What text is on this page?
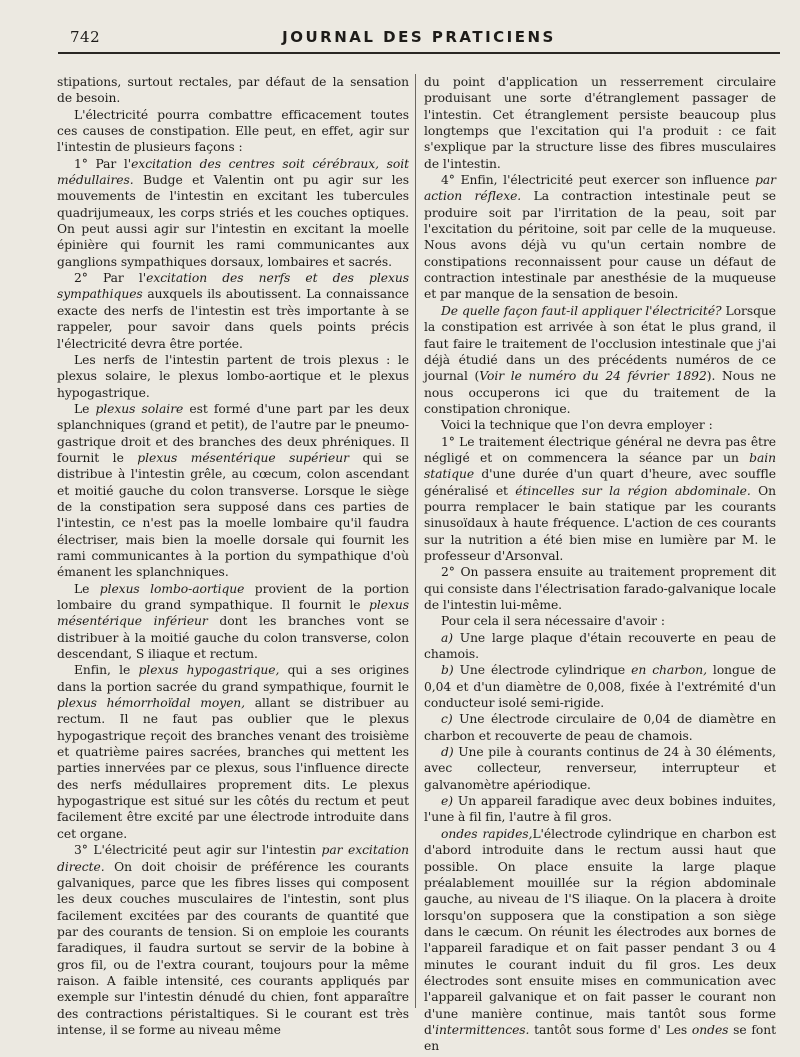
742	JOURNAL DES PRATICIENS

stipations, surtout rectales, par défaut de la sensation de besoin.

L'électricité pourra combattre efficacement toutes ces causes de constipation. Elle peut, en effet, agir sur l'intestin de plusieurs façons :

1° Par l'excitation des centres soit cérébraux, soit médullaires. Budge et Valentin ont pu agir sur les mouvements de l'intestin en excitant les tubercules quadrijumeaux, les corps striés et les couches optiques. On peut aussi agir sur l'intestin en excitant la moelle épinière qui fournit les rami communicantes aux ganglions sympathiques dorsaux, lombaires et sacrés.

2° Par l'excitation des nerfs et des plexus sympathiques auxquels ils aboutissent. La connaissance exacte des nerfs de l'intestin est très importante à se rappeler, pour savoir dans quels points précis l'électricité devra être portée.

Les nerfs de l'intestin partent de trois plexus : le plexus solaire, le plexus lombo-aortique et le plexus hypogastrique.

Le plexus solaire est formé d'une part par les deux splanchniques (grand et petit), de l'autre par le pneumo-gastrique droit et des branches des deux phréniques. Il fournit le plexus mésentérique supérieur qui se distribue à l'intestin grêle, au cœcum, colon ascendant et moitié gauche du colon transverse. Lorsque le siège de la constipation sera supposé dans ces parties de l'intestin, ce n'est pas la moelle lombaire qu'il faudra électriser, mais bien la moelle dorsale qui fournit les rami communicantes à la portion du sympathique d'où émanent les splanchniques.

Le plexus lombo-aortique provient de la portion lombaire du grand sympathique. Il fournit le plexus mésentérique inférieur dont les branches vont se distribuer à la moitié gauche du colon transverse, colon descendant, S iliaque et rectum.

Enfin, le plexus hypogastrique, qui a ses origines dans la portion sacrée du grand sympathique, fournit le plexus hémorrhoïdal moyen, allant se distribuer au rectum. Il ne faut pas oublier que le plexus hypogastrique reçoit des branches venant des troisième et quatrième paires sacrées, branches qui mettent les parties innervées par ce plexus, sous l'influence directe des nerfs médullaires proprement dits. Le plexus hypogastrique est situé sur les côtés du rectum et peut facilement être excité par une électrode introduite dans cet organe.

3° L'électricité peut agir sur l'intestin par excitation directe. On doit choisir de préférence les courants galvaniques, parce que les fibres lisses qui composent les deux couches musculaires de l'intestin, sont plus facilement excitées par des courants de quantité que par des courants de tension. Si on emploie les courants faradiques, il faudra surtout se servir de la bobine à gros fil, ou de l'extra courant, toujours pour la même raison. A faible intensité, ces courants appliqués par exemple sur l'intestin dénudé du chien, font apparaître des contractions péristaltiques. Si le courant est très intense, il se forme au niveau même

du point d'application un resserrement circulaire produisant une sorte d'étranglement passager de l'intestin. Cet étranglement persiste beaucoup plus longtemps que l'excitation qui l'a produit : ce fait s'explique par la structure lisse des fibres musculaires de l'intestin.

4° Enfin, l'électricité peut exercer son influence par action réflexe. La contraction intestinale peut se produire soit par l'irritation de la peau, soit par l'excitation du péritoine, soit par celle de la muqueuse. Nous avons déjà vu qu'un certain nombre de constipations reconnaissent pour cause un défaut de contraction intestinale par anesthésie de la muqueuse et par manque de la sensation de besoin.

De quelle façon faut-il appliquer l'électricité? Lorsque la constipation est arrivée à son état le plus grand, il faut faire le traitement de l'occlusion intestinale que j'ai déjà étudié dans un des précédents numéros de ce journal (Voir le numéro du 24 février 1892). Nous ne nous occuperons ici que du traitement de la constipation chronique.

Voici la technique que l'on devra employer :

1° Le traitement électrique général ne devra pas être négligé et on commencera la séance par un bain statique d'une durée d'un quart d'heure, avec souffle généralisé et étincelles sur la région abdominale. On pourra remplacer le bain statique par les courants sinusoïdaux à haute fréquence. L'action de ces courants sur la nutrition a été bien mise en lumière par M. le professeur d'Arsonval.

2° On passera ensuite au traitement proprement dit qui consiste dans l'électrisation farado-galvanique locale de l'intestin lui-même.

Pour cela il sera nécessaire d'avoir :

a) Une large plaque d'étain recouverte en peau de chamois.

b) Une électrode cylindrique en charbon, longue de 0,04 et d'un diamètre de 0,008, fixée à l'extrémité d'un conducteur isolé semi-rigide.

c) Une électrode circulaire de 0,04 de diamètre en charbon et recouverte de peau de chamois.

d) Une pile à courants continus de 24 à 30 éléments, avec collecteur, renverseur, interrupteur et galvanomètre apériodique.

e) Un appareil faradique avec deux bobines induites, l'une à fil fin, l'autre à fil gros.

ondes rapides,L'électrode cylindrique en charbon est d'abord introduite dans le rectum aussi haut que possible. On place ensuite la large plaque préalablement mouillée sur la région abdominale gauche, au niveau de l'S iliaque. On la placera à droite lorsqu'on supposera que la constipation a son siège dans le cæcum. On réunit les électrodes aux bornes de l'appareil faradique et on fait passer pendant 3 ou 4 minutes le courant induit du fil gros. Les deux électrodes sont ensuite mises en communication avec l'appareil galvanique et on fait passer le courant non d'une manière continue, mais tantôt sous forme d'intermittences. tantôt sous forme d' Les ondes se font en
